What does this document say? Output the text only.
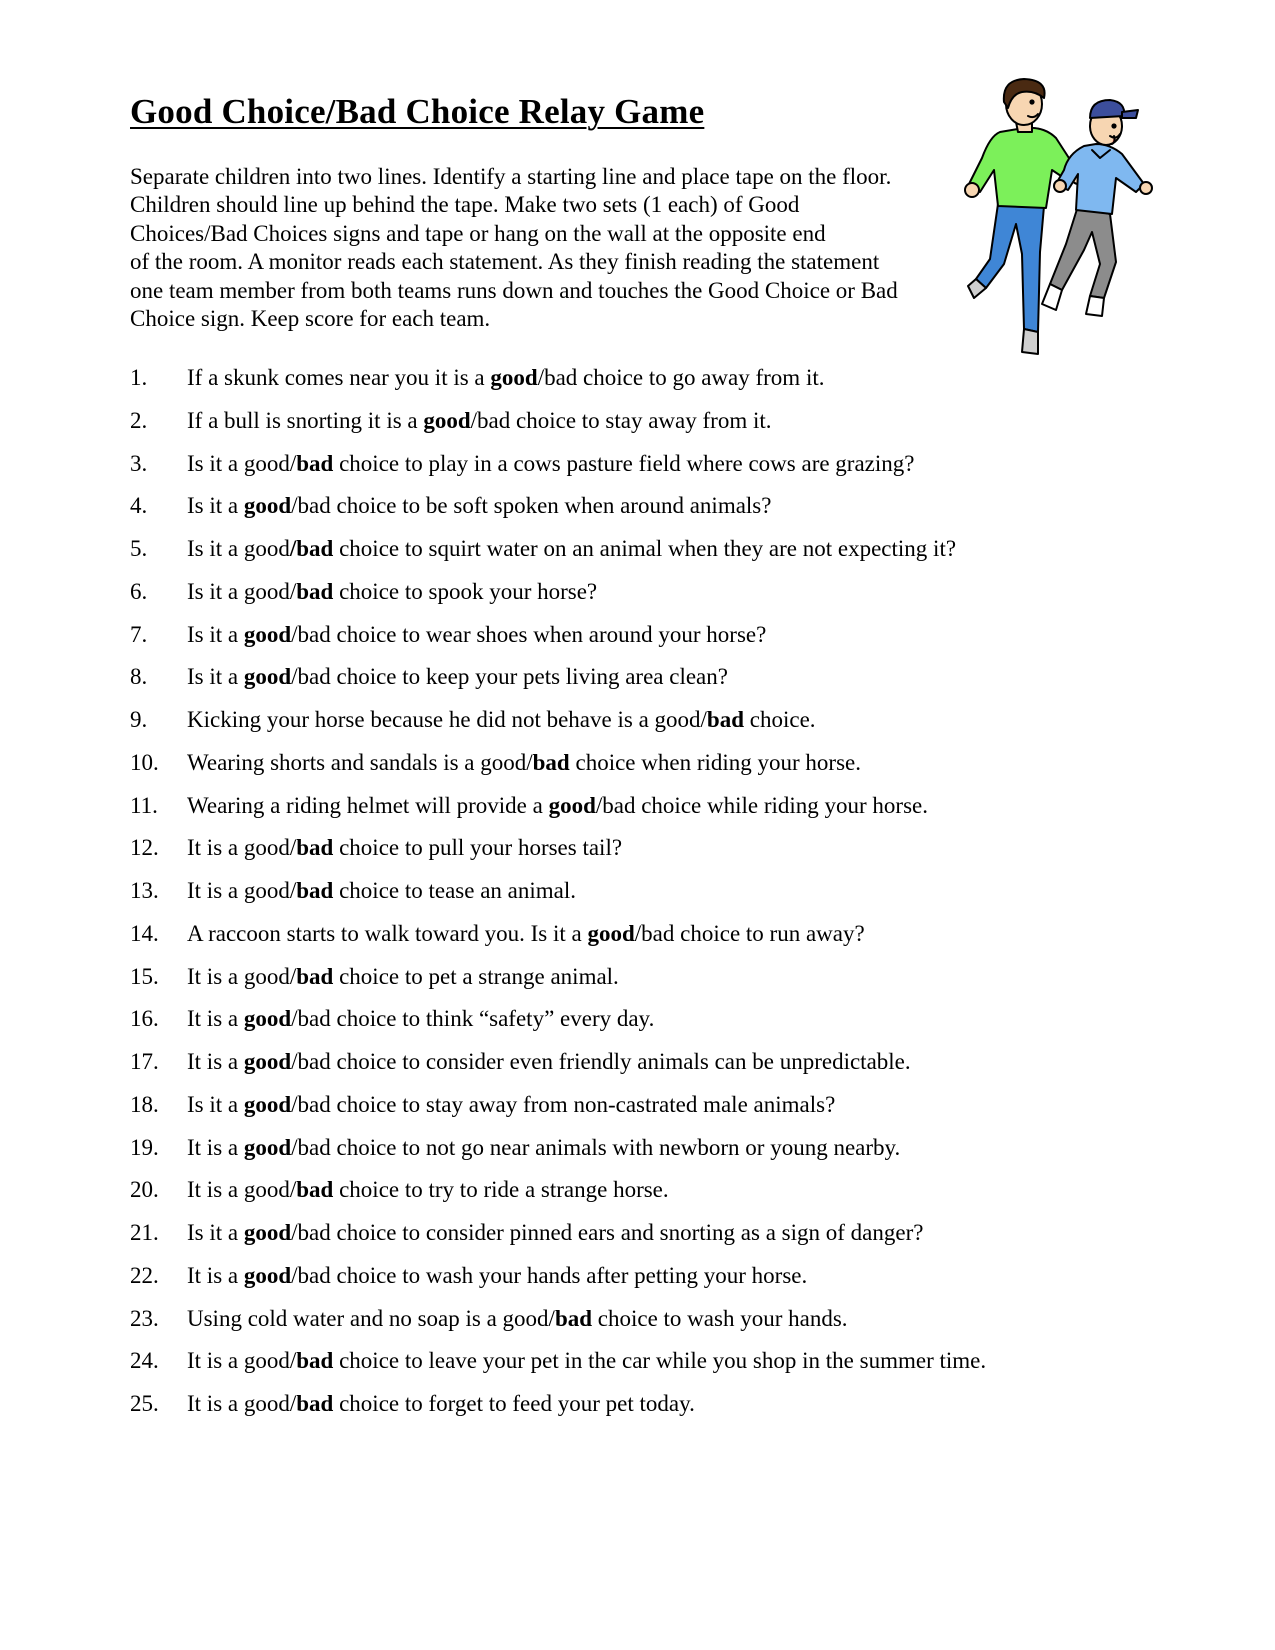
Good Choice/Bad Choice Relay Game
Separate children into two lines. Identify a starting line and place tape on the floor.
Children should line up behind the tape. Make two sets (1 each) of Good
Choices/Bad Choices signs and tape or hang on the wall at the opposite end
of the room. A monitor reads each statement. As they finish reading the statement
one team member from both teams runs down and touches the Good Choice or Bad
Choice sign. Keep score for each team.
1. If a skunk comes near you it is a good/bad choice to go away from it.
2. If a bull is snorting it is a good/bad choice to stay away from it.
3. Is it a good/bad choice to play in a cows pasture field where cows are grazing?
4. Is it a good/bad choice to be soft spoken when around animals?
5. Is it a good/bad choice to squirt water on an animal when they are not expecting it?
6. Is it a good/bad choice to spook your horse?
7. Is it a good/bad choice to wear shoes when around your horse?
8. Is it a good/bad choice to keep your pets living area clean?
9. Kicking your horse because he did not behave is a good/bad choice.
10. Wearing shorts and sandals is a good/bad choice when riding your horse.
11. Wearing a riding helmet will provide a good/bad choice while riding your horse.
12. It is a good/bad choice to pull your horses tail?
13. It is a good/bad choice to tease an animal.
14. A raccoon starts to walk toward you. Is it a good/bad choice to run away?
15. It is a good/bad choice to pet a strange animal.
16. It is a good/bad choice to think “safety” every day.
17. It is a good/bad choice to consider even friendly animals can be unpredictable.
18. Is it a good/bad choice to stay away from non-castrated male animals?
19. It is a good/bad choice to not go near animals with newborn or young nearby.
20. It is a good/bad choice to try to ride a strange horse.
21. Is it a good/bad choice to consider pinned ears and snorting as a sign of danger?
22. It is a good/bad choice to wash your hands after petting your horse.
23. Using cold water and no soap is a good/bad choice to wash your hands.
24. It is a good/bad choice to leave your pet in the car while you shop in the summer time.
25. It is a good/bad choice to forget to feed your pet today.
